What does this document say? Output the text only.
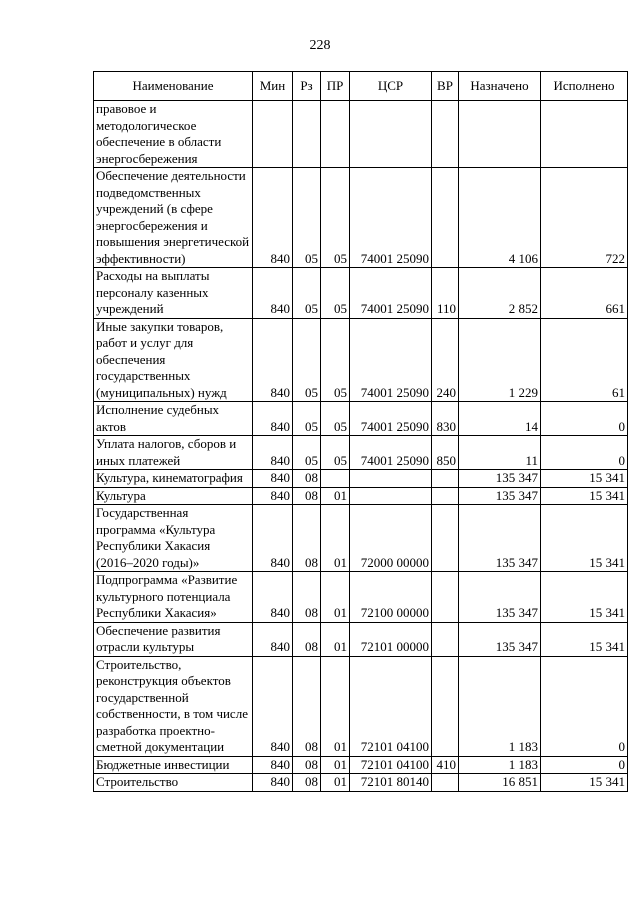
228
Наименование	Мин	Рз	ПР	ЦСР	ВР	Назначено	Исполнено
правовое и методологическое обеспечение в области энергосбережения							
Обеспечение деятельности подведомственных учреждений (в сфере энергосбережения и повышения энергетической эффективности)	840	05	05	74001 25090		4 106	722
Расходы на выплаты персоналу казенных учреждений	840	05	05	74001 25090	110	2 852	661
Иные закупки товаров, работ и услуг для обеспечения государственных (муниципальных) нужд	840	05	05	74001 25090	240	1 229	61
Исполнение судебных актов	840	05	05	74001 25090	830	14	0
Уплата налогов, сборов и иных платежей	840	05	05	74001 25090	850	11	0
Культура, кинематография	840	08				135 347	15 341
Культура	840	08	01			135 347	15 341
Государственная программа «Культура Республики Хакасия (2016–2020 годы)»	840	08	01	72000 00000		135 347	15 341
Подпрограмма «Развитие культурного потенциала Республики Хакасия»	840	08	01	72100 00000		135 347	15 341
Обеспечение развития отрасли культуры	840	08	01	72101 00000		135 347	15 341
Строительство, реконструкция объектов государственной собственности, в том числе разработка проектно-сметной документации	840	08	01	72101 04100		1 183	0
Бюджетные инвестиции	840	08	01	72101 04100	410	1 183	0
Строительство	840	08	01	72101 80140		16 851	15 341
